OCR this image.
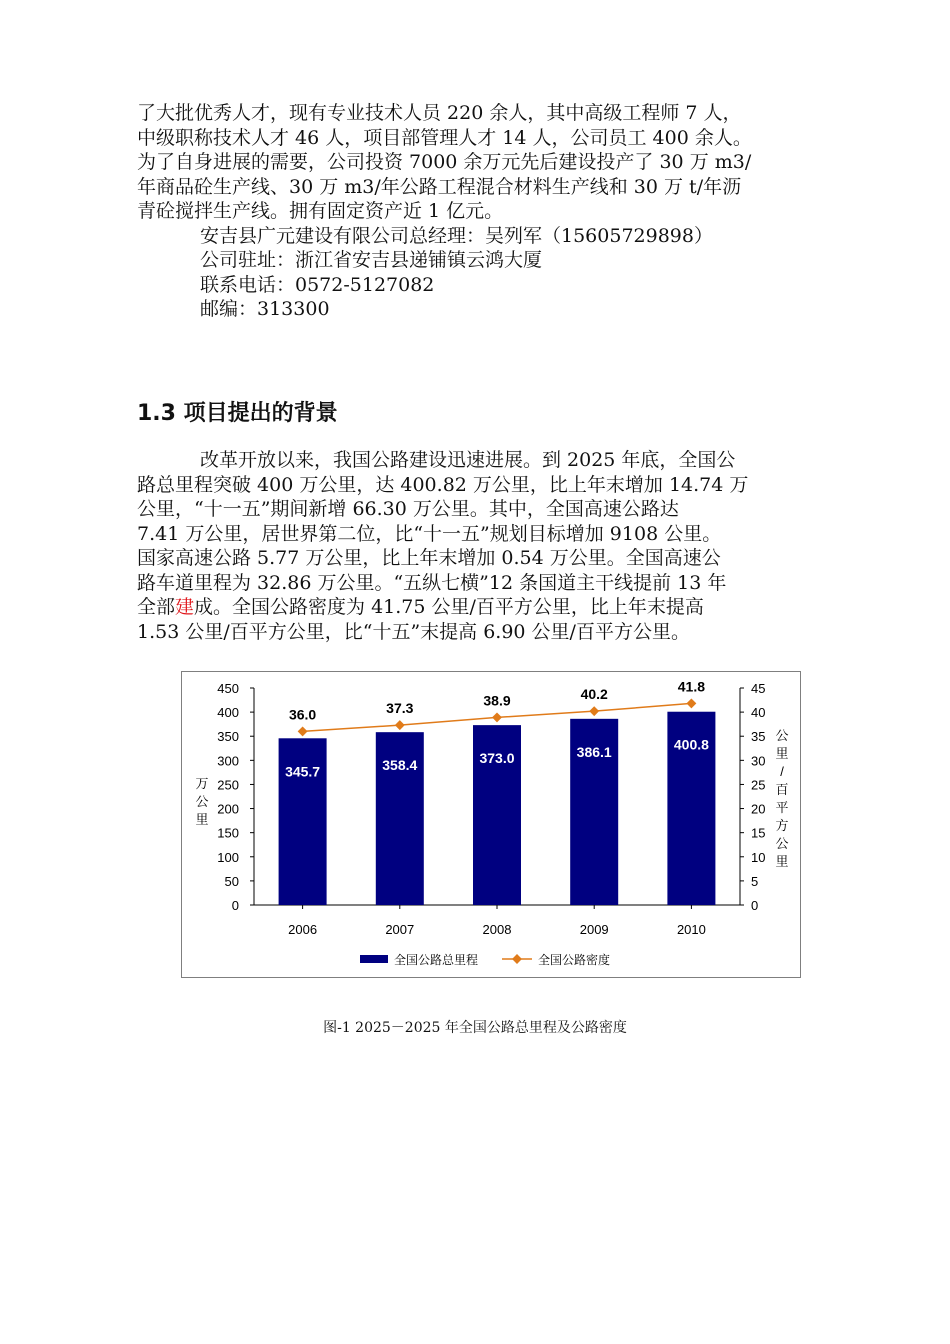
了大批优秀人才，现有专业技术人员 220 余人，其中高级工程师 7 人，
中级职称技术人才 46 人，项目部管理人才 14 人，公司员工 400 余人。
为了自身进展的需要，公司投资 7000 余万元先后建设投产了 30 万 m3/
年商品砼生产线、30 万 m3/年公路工程混合材料生产线和 30 万 t/年沥
青砼搅拌生产线。拥有固定资产近 1 亿元。
安吉县广元建设有限公司总经理：吴列军（15605729898）
公司驻址：浙江省安吉县递铺镇云鸿大厦
联系电话：0572-5127082
邮编：313300
1.3 项目提出的背景
改革开放以来，我国公路建设迅速进展。到 2025 年底，全国公
路总里程突破 400 万公里，达 400.82 万公里，比上年末增加 14.74 万
公里，“十一五”期间新增 66.30 万公里。其中，全国高速公路达
7.41 万公里，居世界第二位，比“十一五”规划目标增加 9108 公里。
国家高速公路 5.77 万公里，比上年末增加 0.54 万公里。全国高速公
路车道里程为 32.86 万公里。“五纵七横”12 条国道主干线提前 13 年
全部建成。全国公路密度为 41.75 公里/百平方公里，比上年末提高
1.53 公里/百平方公里，比“十五”末提高 6.90 公里/百平方公里。
0
50
100
150
200
250
300
350
400
450
0
5
10
15
20
25
30
35
40
45
万
公
里
公
里
/
百
平
方
公
里
345.7
2006
358.4
2007
373.0
2008
386.1
2009
400.8
2010
36.0	37.3	38.9	40.2	41.8
全国公路总里程	全国公路密度
图-1 2025－2025 年全国公路总里程及公路密度
